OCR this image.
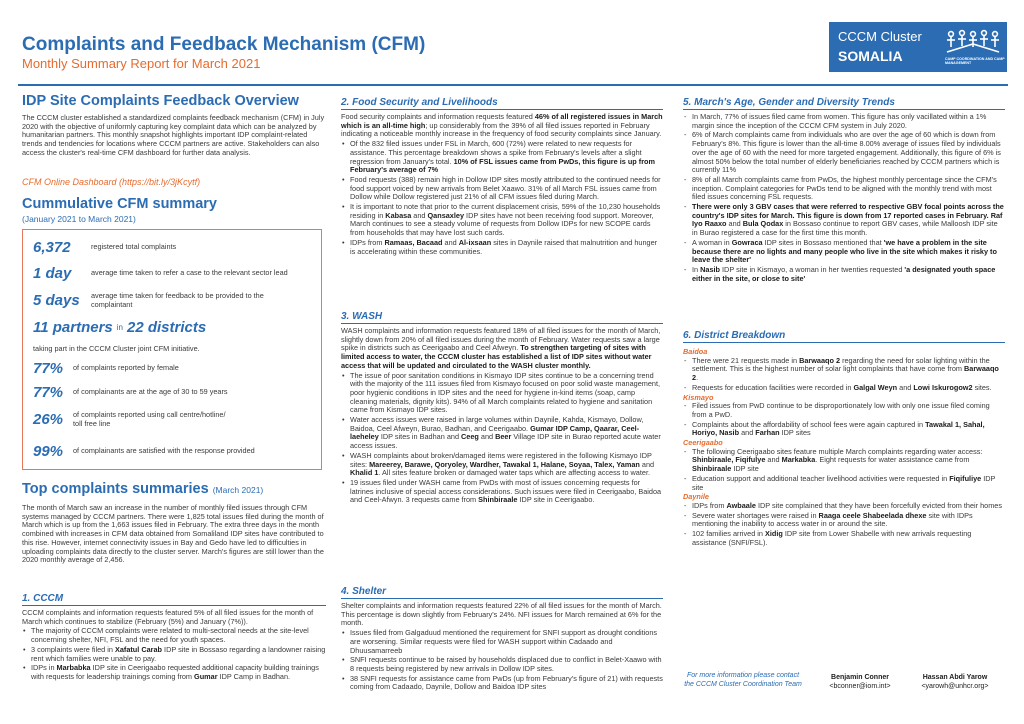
Complaints and Feedback Mechanism (CFM)
Monthly Summary Report for March 2021
CCCM Cluster
SOMALIA	CAMP COORDINATION AND CAMP MANAGEMENT
IDP Site Complaints Feedback Overview
The CCCM cluster established a standardized complaints feedback mechanism (CFM) in July 2020 with the objective of uniformly capturing key complaint data which can be analyzed by humanitarian partners. This monthly snapshot highlights important IDP complaint-related trends and tendencies for locations where CCCM partners are active. Stakeholders can also access the cluster's real-time CFM dashboard for further data analysis.
CFM Online Dashboard (https://bit.ly/3jKcytf)
Cummulative CFM summary
(January 2021 to March 2021)
6,372	registered total complaints
1 day	average time taken to refer a case to the relevant sector lead
5 days	average time taken for feedback to be provided to the complaintant
11 partners in 22 districts
taking part in the CCCM Cluster joint CFM initiative.
77%	of complaints reported by female
77%	of complainants are at the age of 30 to 59 years
26%	of complaints reported using call centre/hotline/ toll free line
99%	of complainants are satisfied with the response provided
Top complaints summaries (March 2021)
The month of March saw an increase in the number of monthly filed issues through CFM systems managed by CCCM partners. There were 1,825 total issues filed during the month of March which is up from the 1,663 issues filed in February. The extra three days in the month combined with increases in CFM data obtained from Somaliland IDP sites have contributed to this rise. However, internet connectivity issues in Bay and Gedo have led to difficulties in uploading complaints data directly to the cluster server. March's figures are still lower than the 2020 monthly average of 2,456.
1. CCCM

CCCM complaints and information requests featured 5% of all filed issues for the month of March which continues to stabilize (February (5%) and January (7%)).

• The majority of CCCM complaints were related to multi-sectoral needs at the site-level concerning shelter, NFI, FSL and the need for youth spaces.
• 3 complaints were filed in Xafatul Carab IDP site in Bossaso regarding a landowner raising rent which families were unable to pay.
• IDPs in Marbabka IDP site in Ceerigaabo requested additional capacity building trainings with requests for leadership trainings coming from Gumar IDP Camp in Badhan.
2. Food Security and Livelihoods

Food security complaints and information requests featured 46% of all registered issues in March which is an all-time high; up considerably from the 39% of all filed issues reported in February indicating a noticeable monthly increase in the frequency of food security complaints since January.

• Of the 832 filed issues under FSL in March, 600 (72%) were related to new requests for assistance. This percentage breakdown shows a spike from February's levels after a slight regression from January's total. 10% of FSL issues came from PwDs, this figure is up from February's average of 7%
• Food requests (388) remain high in Dollow IDP sites mostly attributed to the continued needs for food support voiced by new arrivals from Belet Xaawo. 31% of all March FSL issues came from Dollow while Dollow registered just 21% of all CFM issues filed during March.
• It is important to note that prior to the current displacement crisis, 59% of the 10,230 households residing in Kabasa and Qansaxley IDP sites have not been receiving food support. Moreover, March continues to see a steady volume of requests from Dollow IDPs for new SCOPE cards from households that may have lost such cards.
• IDPs from Ramaas, Bacaad and Al-ixsaan sites in Daynile raised that malnutrition and hunger is accelerating within these communities.
3. WASH

WASH complaints and information requests featured 18% of all filed issues for the month of March, slightly down from 20% of all filed issues during the month of February. Water requests saw a large spike in districts such as Ceerigaabo and Ceel Afweyn. To strengthen targeting of sites with limited access to water, the CCCM cluster has established a list of IDP sites without water access that will be updated and circulated to the WASH cluster monthly.

• The issue of poor sanitation conditions in Kismayo IDP sites continue to be a concerning trend with the majority of the 111 issues filed from Kismayo focused on poor solid waste management, poor hygienic conditions in IDP sites and the need for hygiene in-kind items (soap, camp cleaning materials, dignity kits). 94% of all March complaints related to hygiene and sanitation came from Kismayo IDP sites.
• Water access issues were raised in large volumes within Daynile, Kahda, Kismayo, Dollow, Baidoa, Ceel Afweyn, Burao, Badhan, and Ceerigaabo. Gumar IDP Camp, Qaarar, Ceel-laeheley IDP sites in Badhan and Ceeg and Beer Village IDP site in Burao reported acute water access issues.
• WASH complaints about broken/damaged items were registered in the following Kismayo IDP sites: Mareerey, Barawe, Qoryoley, Wardher, Tawakal 1, Halane, Soyaa, Talex, Yaman and Khalid 1. All sites feature broken or damaged water taps which are affecting access to water.
• 19 issues filed under WASH came from PwDs with most of issues concerning requests for latrines inclusive of special access considerations. Such issues were filed in Ceerigaabo, Baidoa and Ceel-Afwyn. 3 requests came from Shinbiraale IDP site in Ceerigaabo.
4. Shelter

Shelter complaints and information requests featured 22% of all filed issues for the month of March. This percentage is down slightly from February's 24%. NFI issues for March remained at 6% for the month.

• Issues filed from Galgaduud mentioned the requirement for SNFI support as drought conditions are worsening. Similar requests were filed for WASH support within Cadaado and Dhuusamarreeb
• SNFI requests continue to be raised by households displaced due to conflict in Belet-Xaawo with 8 requests being registered by new arrivals in Dollow IDP sites.
• 38 SNFI requests for assistance came from PwDs (up from February's figure of 21) with requests coming from Cadaado, Daynile, Dollow and Baidoa IDP sites
5. March's Age, Gender and Diversity Trends
- In March, 77% of issues filed came from women. This figure has only vacillated within a 1% margin since the inception of the CCCM CFM system in July 2020.
- 6% of March complaints came from individuals who are over the age of 60 which is down from February's 8%. This figure is lower than the all-time 8.00% average of issues filed by individuals over the age of 60 with the need for more targeted engagement. Additionally, this figure of 6% is almost 50% below the total number of elderly beneficiaries reached by CCCM partners which is currently 11%
- 8% of all March complaints came from PwDs, the highest monthly percentage since the CFM's inception. Complaint categories for PwDs tend to be aligned with the monthly trend with most filed issues concerning FSL requests.
- There were only 3 GBV cases that were referred to respective GBV focal points across the country's IDP sites for March. This figure is down from 17 reported cases in February. Raf Iyo Raaxo and Bula Qodax in Bossaso continue to report GBV cases, while Malloosh IDP site in Burao registered a case for the first time this month.
- A woman in Gowraca IDP sites in Bossaso mentioned that 'we have a problem in the site because there are no lights and many people who live in the site which makes it risky to leave the shelter'
- In Nasib IDP site in Kismayo, a woman in her twenties requested 'a designated youth space either in the site, or close to site'
6. District Breakdown
Baidoa
- There were 21 requests made in Barwaaqo 2 regarding the need for solar lighting within the settlement. This is the highest number of solar light complaints that have come from Barwaaqo 2.
- Requests for education facilities were recorded in Galgal Weyn and Lowi Iskurogow2 sites.
Kismayo
- Filed issues from PwD continue to be disproportionately low with only one issue filed coming from a PwD.
- Complaints about the affordability of school fees were again captured in Tawakal 1, Sahal, Horiyo, Nasib and Farhan IDP sites
Ceerigaabo
- The following Ceerigaabo sites feature multiple March complaints regarding water access: Shinbiraale, Fiqifulye and Markabka. Eight requests for water assistance came from Shinbiraale IDP site
- Education support and additional teacher livelihood activities were requested in Fiqifuliye IDP site
Daynile
- IDPs from Awbaale IDP site complained that they have been forcefully evicted from their homes
- Severe water shortages were raised in Raaga ceele Shabeelada dhexe site with IDPs mentioning the inability to access water in or around the site.
- 102 families arrived in Xidig IDP site from Lower Shabelle with new arrivals requesting assistance (SNFI/FSL).
For more information please contact the CCCM Cluster Coordination Team
Benjamin Conner
<bconner@iom.int>
Hassan Abdi Yarow
<yarowh@unhcr.org>
